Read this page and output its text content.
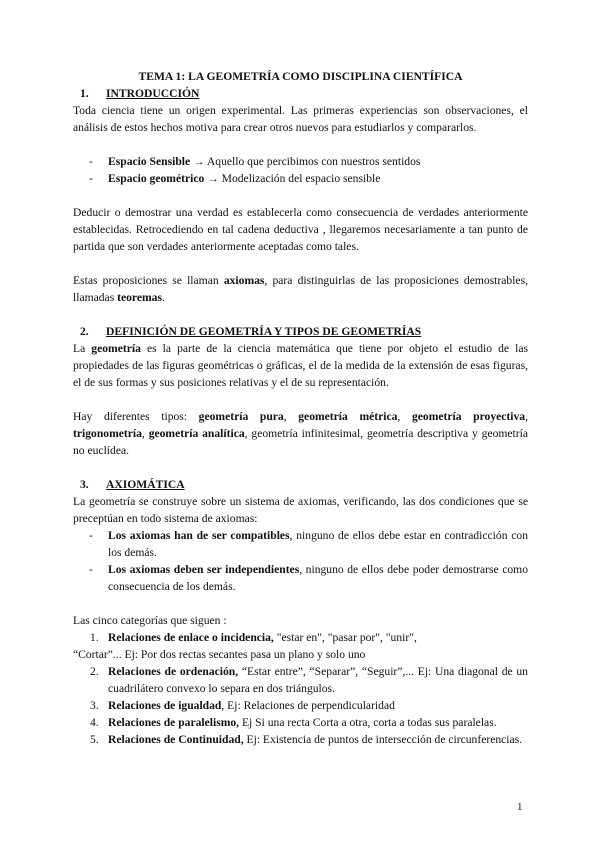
TEMA 1: LA GEOMETRÍA COMO DISCIPLINA CIENTÍFICA

1. INTRODUCCIÓN

Toda ciencia tiene un origen experimental. Las primeras experiencias son observaciones, el análisis de estos hechos motiva para crear otros nuevos para estudiarlos y compararlos.

- Espacio Sensible → Aquello que percibimos con nuestros sentidos
- Espacio geométrico → Modelización del espacio sensible

Deducir o demostrar una verdad es establecerla como consecuencia de verdades anteriormente establecidas. Retrocediendo en tal cadena deductiva , llegaremos necesariamente a tan punto de partida que son verdades anteriormente aceptadas como tales.

Estas proposiciones se llaman axiomas, para distinguirlas de las proposiciones demostrables, llamadas teoremas.

2. DEFINICIÓN DE GEOMETRÍA Y TIPOS DE GEOMETRÍAS

La geometría es la parte de la ciencia matemática que tiene por objeto el estudio de las propiedades de las figuras geométricas o gráficas, el de la medida de la extensión de esas figuras, el de sus formas y sus posiciones relativas y el de su representación.

Hay diferentes tipos: geometría pura, geometría métrica, geometría proyectiva, trigonometría, geometría analítica, geometría infinitesimal, geometría descriptiva y geometría no euclídea.

3. AXIOMÁTICA

La geometría se construye sobre un sistema de axiomas, verificando, las dos condiciones que se preceptúan en todo sistema de axiomas:

- Los axiomas han de ser compatibles, ninguno de ellos debe estar en contradicción con los demás.
- Los axiomas deben ser independientes, ninguno de ellos debe poder demostrarse como consecuencia de los demás.

Las cinco categorías que siguen :

1. Relaciones de enlace o incidencia, "estar en", "pasar por", "unir",

“Cortar”... Ej: Por dos rectas secantes pasa un plano y solo uno

2. Relaciones de ordenación, “Estar entre”, “Separar”, “Seguir”,... Ej: Una diagonal de un cuadrilátero convexo lo separa en dos triángulos.
3. Relaciones de igualdad, Ej: Relaciones de perpendicularidad
4. Relaciones de paralelismo, Ej Si una recta Corta a otra, corta a todas sus paralelas.
5. Relaciones de Continuidad, Ej: Existencia de puntos de intersección de circunferencias.
1
